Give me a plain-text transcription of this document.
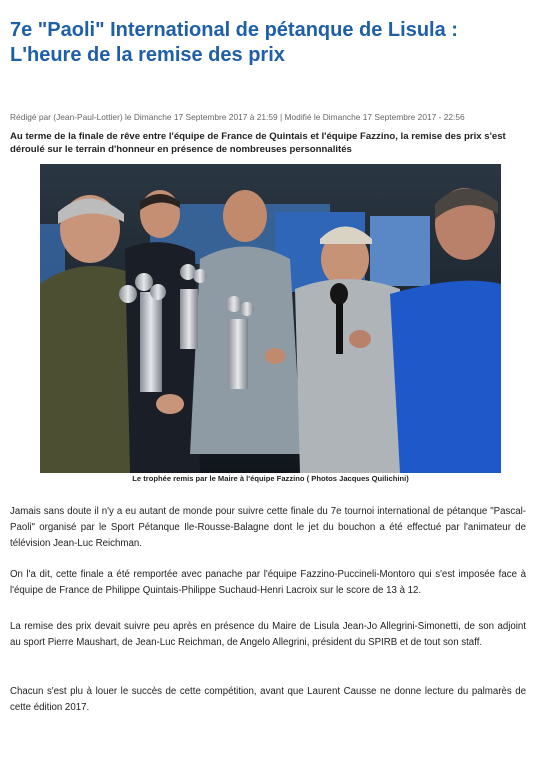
7e "Paoli" International de pétanque de Lisula : L'heure de la remise des prix
Rédigé par (Jean-Paul-Lottier) le Dimanche 17 Septembre 2017 à 21:59 | Modifié le Dimanche 17 Septembre 2017 - 22:56

Au terme de la finale de rêve entre l'équipe de France de Quintais et l'équipe Fazzino, la remise des prix s'est déroulé sur le terrain d'honneur en présence de nombreuses personnalités

Le trophée remis par le Maire à l'équipe Fazzino ( Photos Jacques Quilichini)

Jamais sans doute il n'y a eu autant de monde pour suivre cette finale du 7e tournoi international de pétanque "Pascal-Paoli" organisé par le Sport Pétanque Ile-Rousse-Balagne dont le jet du bouchon a été effectué par l'animateur de télévision Jean-Luc Reichman.

On l'a dit, cette finale a été remportée avec panache par l'équipe Fazzino-Puccineli-Montoro qui s'est imposée face à l'équipe de France de Philippe Quintais-Philippe Suchaud-Henri Lacroix sur le score de 13 à 12.

La remise des prix devait suivre peu après en présence du Maire de Lisula Jean-Jo Allegrini-Simonetti, de son adjoint au sport Pierre Maushart, de Jean-Luc Reichman, de Angelo Allegrini, président du SPIRB et de tout son staff.

Chacun s'est plu à louer le succès de cette compétition, avant que Laurent Causse ne donne lecture du palmarès de cette édition 2017.
